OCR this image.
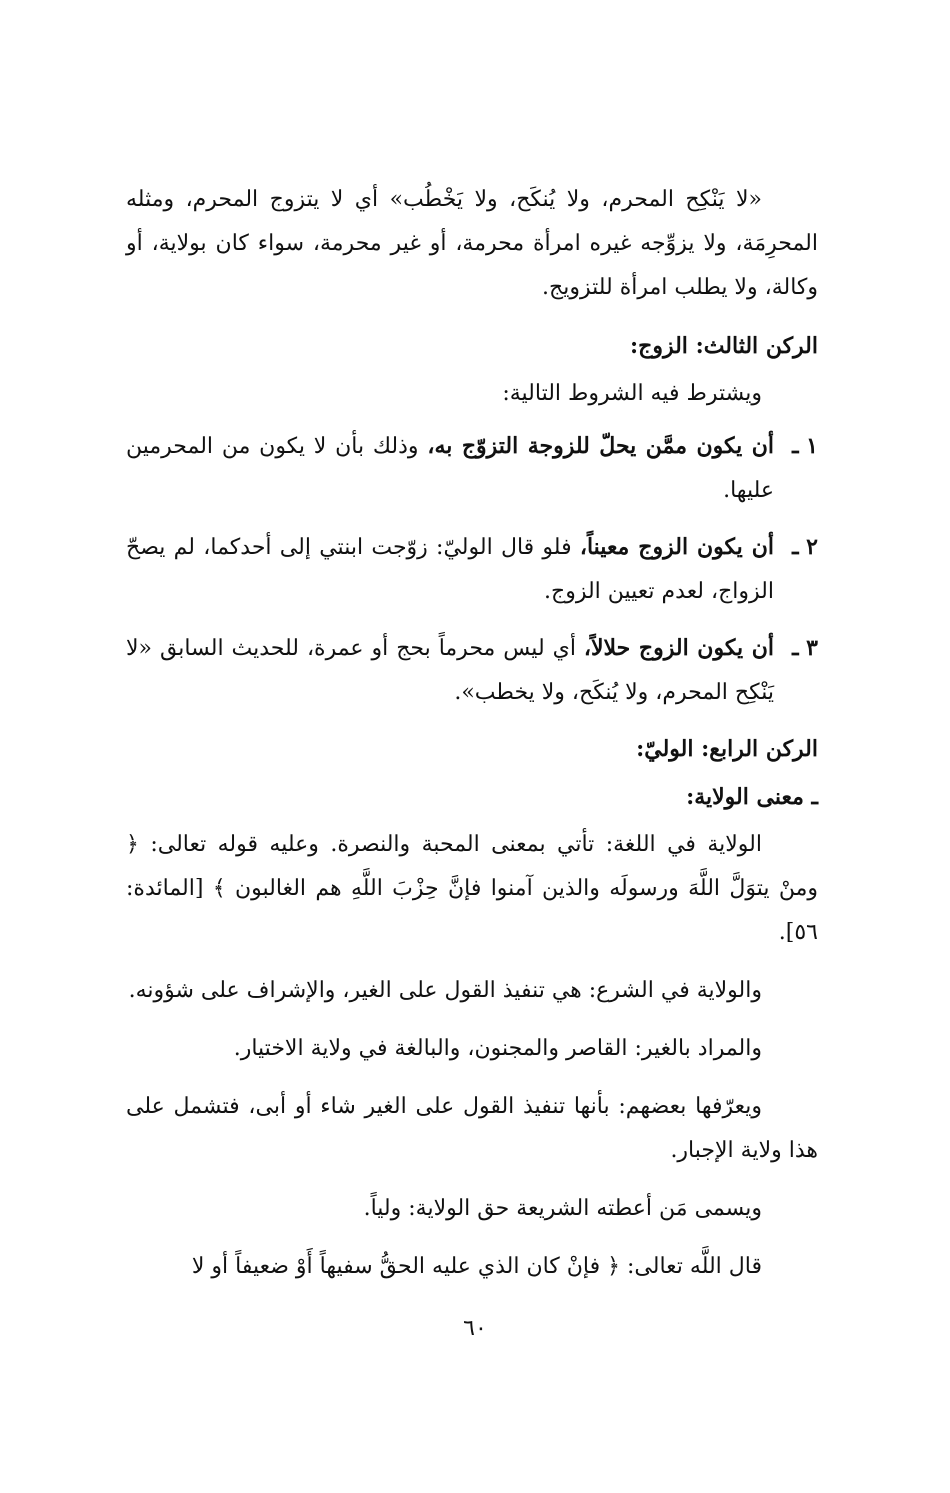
«لا يَنْكِح المحرم، ولا يُنكَح، ولا يَخْطُب» أي لا يتزوج المحرم، ومثله المحرِمَة، ولا يزوِّجه غيره امرأة محرمة، أو غير محرمة، سواء كان بولاية، أو وكالة، ولا يطلب امرأة للتزويج.

الركن الثالث: الزوج:

ويشترط فيه الشروط التالية:

١ ـ
أن يكون ممَّن يحلّ للزوجة التزوّج به، وذلك بأن لا يكون من المحرمين عليها.
٢ ـ
أن يكون الزوج معيناً، فلو قال الوليّ: زوّجت ابنتي إلى أحدكما، لم يصحّ الزواج، لعدم تعيين الزوج.
٣ ـ
أن يكون الزوج حلالاً، أي ليس محرماً بحج أو عمرة، للحديث السابق «لا يَنْكِح المحرم، ولا يُنكَح، ولا يخطب».
الركن الرابع: الوليّ:
ـ معنى الولاية:

الولاية في اللغة: تأتي بمعنى المحبة والنصرة. وعليه قوله تعالى: ﴿ ومنْ يتوَلَّ اللَّهَ ورسولَه والذين آمنوا فإنَّ حِزْبَ اللَّهِ هم الغالبون ﴾ [المائدة: ٥٦].

والولاية في الشرع: هي تنفيذ القول على الغير، والإشراف على شؤونه.

والمراد بالغير: القاصر والمجنون، والبالغة في ولاية الاختيار.

ويعرّفها بعضهم: بأنها تنفيذ القول على الغير شاء أو أبى، فتشمل على هذا ولاية الإجبار.

ويسمى مَن أعطته الشريعة حق الولاية: ولياً.

قال اللَّه تعالى: ﴿ فإنْ كان الذي عليه الحقُّ سفيهاً أَوْ ضعيفاً أو لا

٦٠
